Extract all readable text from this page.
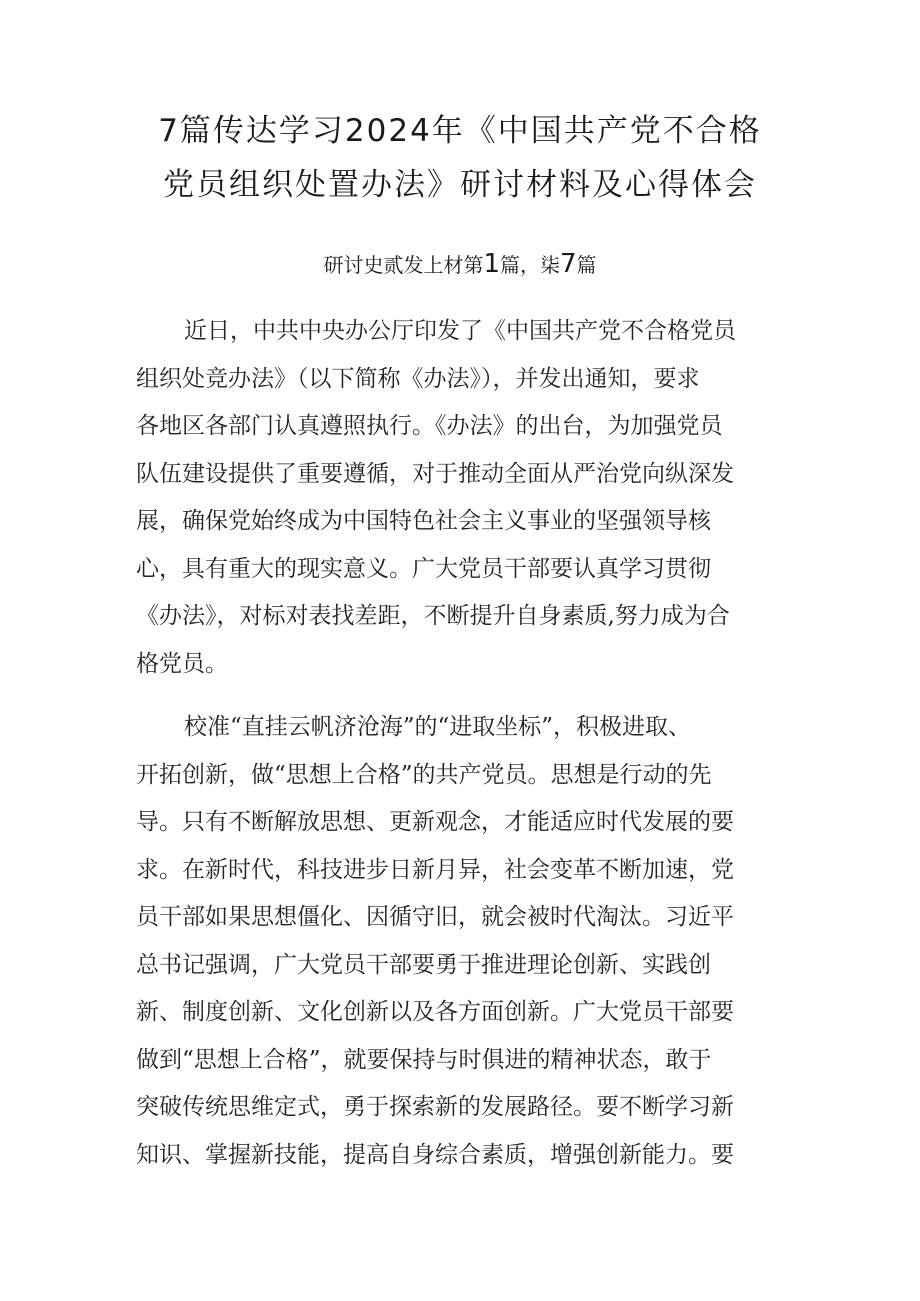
7篇传达学习2024年《中国共产党不合格
党员组织处置办法》研讨材料及心得体会
研讨史贰发上材第1篇，柒7篇
近日，中共中央办公厅印发了《中国共产党不合格党员
组织处竞办法》（以下简称《办法》），并发出通知，要求
各地区各部门认真遵照执行。《办法》的出台，为加强党员
队伍建设提供了重要遵循，对于推动全面从严治党向纵深发
展，确保党始终成为中国特色社会主义事业的坚强领导核
心，具有重大的现实意义。广大党员干部要认真学习贯彻
《办法》，对标对表找差距，不断提升自身素质,努力成为合
格党员。
校准“直挂云帆济沧海”的“进取坐标”，积极进取、
开拓创新，做“思想上合格”的共产党员。思想是行动的先
导。只有不断解放思想、更新观念，才能适应时代发展的要
求。在新时代，科技进步日新月异，社会变革不断加速，党
员干部如果思想僵化、因循守旧，就会被时代淘汰。习近平
总书记强调，广大党员干部要勇于推进理论创新、实践创
新、制度创新、文化创新以及各方面创新。广大党员干部要
做到“思想上合格”，就要保持与时俱进的精神状态，敢于
突破传统思维定式，勇于探索新的发展路径。要不断学习新
知识、掌握新技能，提高自身综合素质，增强创新能力。要
